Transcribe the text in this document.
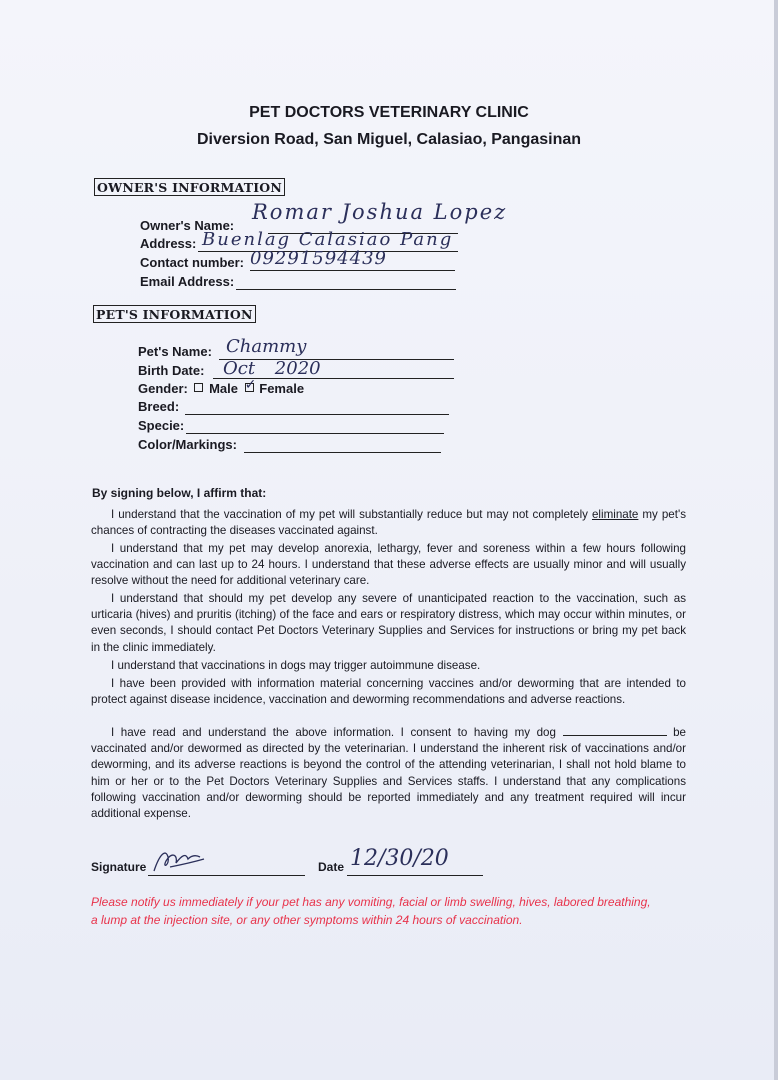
PET DOCTORS VETERINARY CLINIC
Diversion Road, San Miguel, Calasiao, Pangasinan
OWNER'S INFORMATION
Owner's Name:
Romar Joshua Lopez
Address: Buenlag Calasiao Pang
Contact number: 09291594439
Email Address:
PET'S INFORMATION
Pet's Name: Chammy
Birth Date: Oct 2020
Gender: Male ✓ Female
Breed:
Specie:
Color/Markings:
By signing below, I affirm that:

I understand that the vaccination of my pet will substantially reduce but may not completely eliminate my pet's chances of contracting the diseases vaccinated against.

I understand that my pet may develop anorexia, lethargy, fever and soreness within a few hours following vaccination and can last up to 24 hours. I understand that these adverse effects are usually minor and will usually resolve without the need for additional veterinary care.

I understand that should my pet develop any severe of unanticipated reaction to the vaccination, such as urticaria (hives) and pruritis (itching) of the face and ears or respiratory distress, which may occur within minutes, or even seconds, I should contact Pet Doctors Veterinary Supplies and Services for instructions or bring my pet back in the clinic immediately.

I understand that vaccinations in dogs may trigger autoimmune disease.

I have been provided with information material concerning vaccines and/or deworming that are intended to protect against disease incidence, vaccination and deworming recommendations and adverse reactions.

I have read and understand the above information. I consent to having my dog	be vaccinated and/or dewormed as directed by the veterinarian. I understand the inherent risk of vaccinations and/or deworming, and its adverse reactions is beyond the control of the attending veterinarian, I shall not hold blame to him or her or to the Pet Doctors Veterinary Supplies and Services staffs. I understand that any complications following vaccination and/or deworming should be reported immediately and any treatment required will incur additional expense.

Signature	Date 12/30/20
Please notify us immediately if your pet has any vomiting, facial or limb swelling, hives, labored breathing, a lump at the injection site, or any other symptoms within 24 hours of vaccination.
